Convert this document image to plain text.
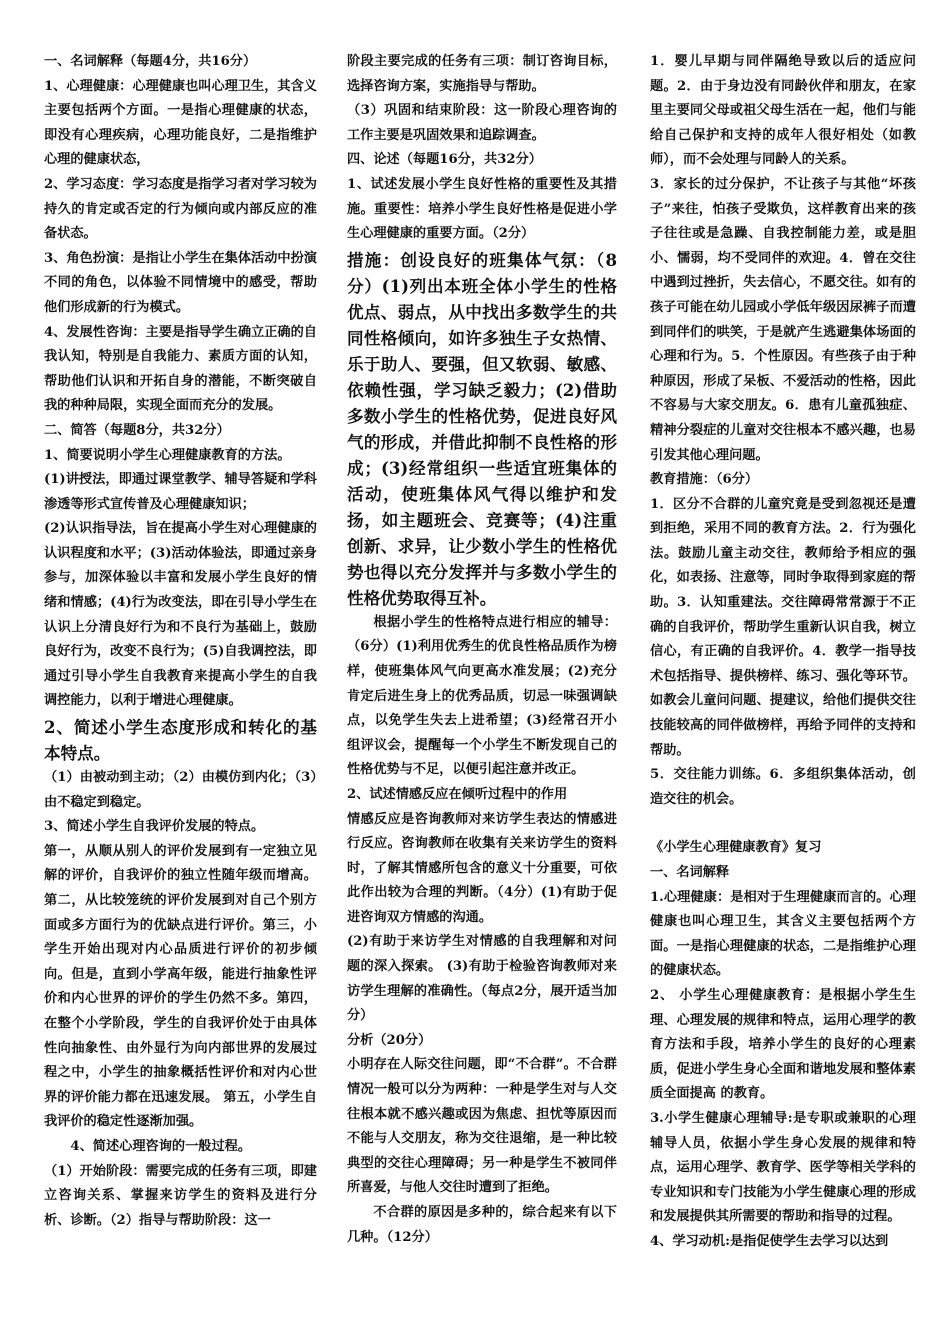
一、名词解释（每题4分，共16分）

1、心理健康：心理健康也叫心理卫生，其含义主要包括两个方面。一是指心理健康的状态，即没有心理疾病，心理功能良好，二是指维护心理的健康状态，

2、学习态度：学习态度是指学习者对学习较为持久的肯定或否定的行为倾向或内部反应的准备状态。

3、角色扮演：是指让小学生在集体活动中扮演不同的角色，以体验不同情境中的感受，帮助他们形成新的行为模式。

4、发展性咨询：主要是指导学生确立正确的自我认知，特别是自我能力、素质方面的认知，帮助他们认识和开拓自身的潜能，不断突破自我的种种局限，实现全面而充分的发展。

二、简答（每题8分，共32分）

1、简要说明小学生心理健康教育的方法。

(1)讲授法，即通过课堂教学、辅导答疑和学科渗透等形式宣传普及心理健康知识；

(2)认识指导法，旨在提高小学生对心理健康的认识程度和水平；(3)活动体验法，即通过亲身参与，加深体验以丰富和发展小学生良好的情绪和情感；(4)行为改变法，即在引导小学生在认识上分清良好行为和不良行为基础上，鼓励良好行为，改变不良行为；(5)自我调控法，即通过引导小学生自我教育来提高小学生的自我调控能力，以利于增进心理健康。

2、简述小学生态度形成和转化的基本特点。

（1）由被动到主动；（2）由模仿到内化；（3）由不稳定到稳定。

3、简述小学生自我评价发展的特点。

第一，从顺从别人的评价发展到有一定独立见解的评价，自我评价的独立性随年级而增高。第二，从比较笼统的评价发展到对自己个别方面或多方面行为的优缺点进行评价。第三，小学生开始出现对内心品质进行评价的初步倾向。但是，直到小学高年级，能进行抽象性评价和内心世界的评价的学生仍然不多。第四，在整个小学阶段，学生的自我评价处于由具体性向抽象性、由外显行为向内部世界的发展过程之中，小学生的抽象概括性评价和对内心世界的评价能力都在迅速发展。 第五，小学生自我评价的稳定性逐渐加强。

4、简述心理咨询的一般过程。

（1）开始阶段：需要完成的任务有三项，即建立咨询关系、掌握来访学生的资料及进行分析、诊断。（2）指导与帮助阶段：这一

阶段主要完成的任务有三项：制订咨询目标，选择咨询方案，实施指导与帮助。

（3）巩固和结束阶段：这一阶段心理咨询的工作主要是巩固效果和追踪调查。

四、论述（每题16分，共32分）

1、试述发展小学生良好性格的重要性及其措施。重要性：培养小学生良好性格是促进小学生心理健康的重要方面。（2分）

措施：创设良好的班集体气氛：（8分）(1)列出本班全体小学生的性格优点、弱点，从中找出多数学生的共同性格倾向，如许多独生子女热情、乐于助人、要强，但又软弱、敏感、依赖性强，学习缺乏毅力；(2)借助多数小学生的性格优势，促进良好风气的形成，并借此抑制不良性格的形成；(3)经常组织一些适宜班集体的活动，使班集体风气得以维护和发扬，如主题班会、竞赛等；(4)注重创新、求异，让少数小学生的性格优势也得以充分发挥并与多数小学生的性格优势取得互补。

根据小学生的性格特点进行相应的辅导：（6分）(1)利用优秀生的优良性格品质作为榜样，使班集体风气向更高水准发展；(2)充分肯定后进生身上的优秀品质，切忌一味强调缺点，以免学生失去上进希望；(3)经常召开小组评议会，提醒每一个小学生不断发现自己的性格优势与不足，以便引起注意并改正。

2、试述情感反应在倾听过程中的作用

情感反应是咨询教师对来访学生表达的情感进行反应。咨询教师在收集有关来访学生的资料时，了解其情感所包含的意义十分重要，可依此作出较为合理的判断。（4分）(1)有助于促进咨询双方情感的沟通。

(2)有助于来访学生对情感的自我理解和对问题的深入探索。 (3)有助于检验咨询教师对来访学生理解的准确性。（每点2分，展开适当加分）

分析（20分）

小明存在人际交往问题，即“不合群”。不合群情况一般可以分为两种：一种是学生对与人交往根本就不感兴趣或因为焦虑、担忧等原因而不能与人交朋友，称为交往退缩，是一种比较典型的交往心理障碍；另一种是学生不被同伴所喜爱，与他人交往时遭到了拒绝。

不合群的原因是多种的，综合起来有以下几种。（12分）

1．婴儿早期与同伴隔绝导致以后的适应问题。2．由于身边没有同龄伙伴和朋友，在家里主要同父母或祖父母生活在一起，他们与能给自己保护和支持的成年人很好相处（如教师），而不会处理与同龄人的关系。

3．家长的过分保护，不让孩子与其他“坏孩子”来往，怕孩子受欺负，这样教育出来的孩子往往或是急躁、自我控制能力差，或是胆小、懦弱，均不受同伴的欢迎。4．曾在交往中遇到过挫折，失去信心，不愿交往。如有的孩子可能在幼儿园或小学低年级因尿裤子而遭到同伴们的哄笑，于是就产生逃避集体场面的心理和行为。5．个性原因。有些孩子由于种种原因，形成了呆板、不爱活动的性格，因此不容易与大家交朋友。6．患有儿童孤独症、精神分裂症的儿童对交往根本不感兴趣，也易引发其他心理问题。

教育措施：（6分）

1．区分不合群的儿童究竟是受到忽视还是遭到拒绝，采用不同的教育方法。2．行为强化法。鼓励儿童主动交往，教师给予相应的强化，如表扬、注意等，同时争取得到家庭的帮助。3．认知重建法。交往障碍常常源于不正确的自我评价，帮助学生重新认识自我，树立信心，有正确的自我评价。4．教学一指导技术包括指导、提供榜样、练习、强化等环节。如教会儿童问问题、提建议，给他们提供交往技能较高的同伴做榜样，再给予同伴的支持和帮助。

5．交往能力训练。6．多组织集体活动，创造交往的机会。

《小学生心理健康教育》复习

一、名词解释

1.心理健康：是相对于生理健康而言的。心理健康也叫心理卫生，其含义主要包括两个方面。一是指心理健康的状态，二是指维护心理的健康状态。

2、 小学生心理健康教育：是根据小学生生理、心理发展的规律和特点，运用心理学的教育方法和手段，培养小学生的良好的心理素质，促进小学生身心全面和谐地发展和整体素质全面提高 的教育。

3.小学生健康心理辅导:是专职或兼职的心理辅导人员，依据小学生身心发展的规律和特点，运用心理学、教育学、医学等相关学科的专业知识和专门技能为小学生健康心理的形成和发展提供其所需要的帮助和指导的过程。

4、学习动机:是指促使学生去学习以达到
